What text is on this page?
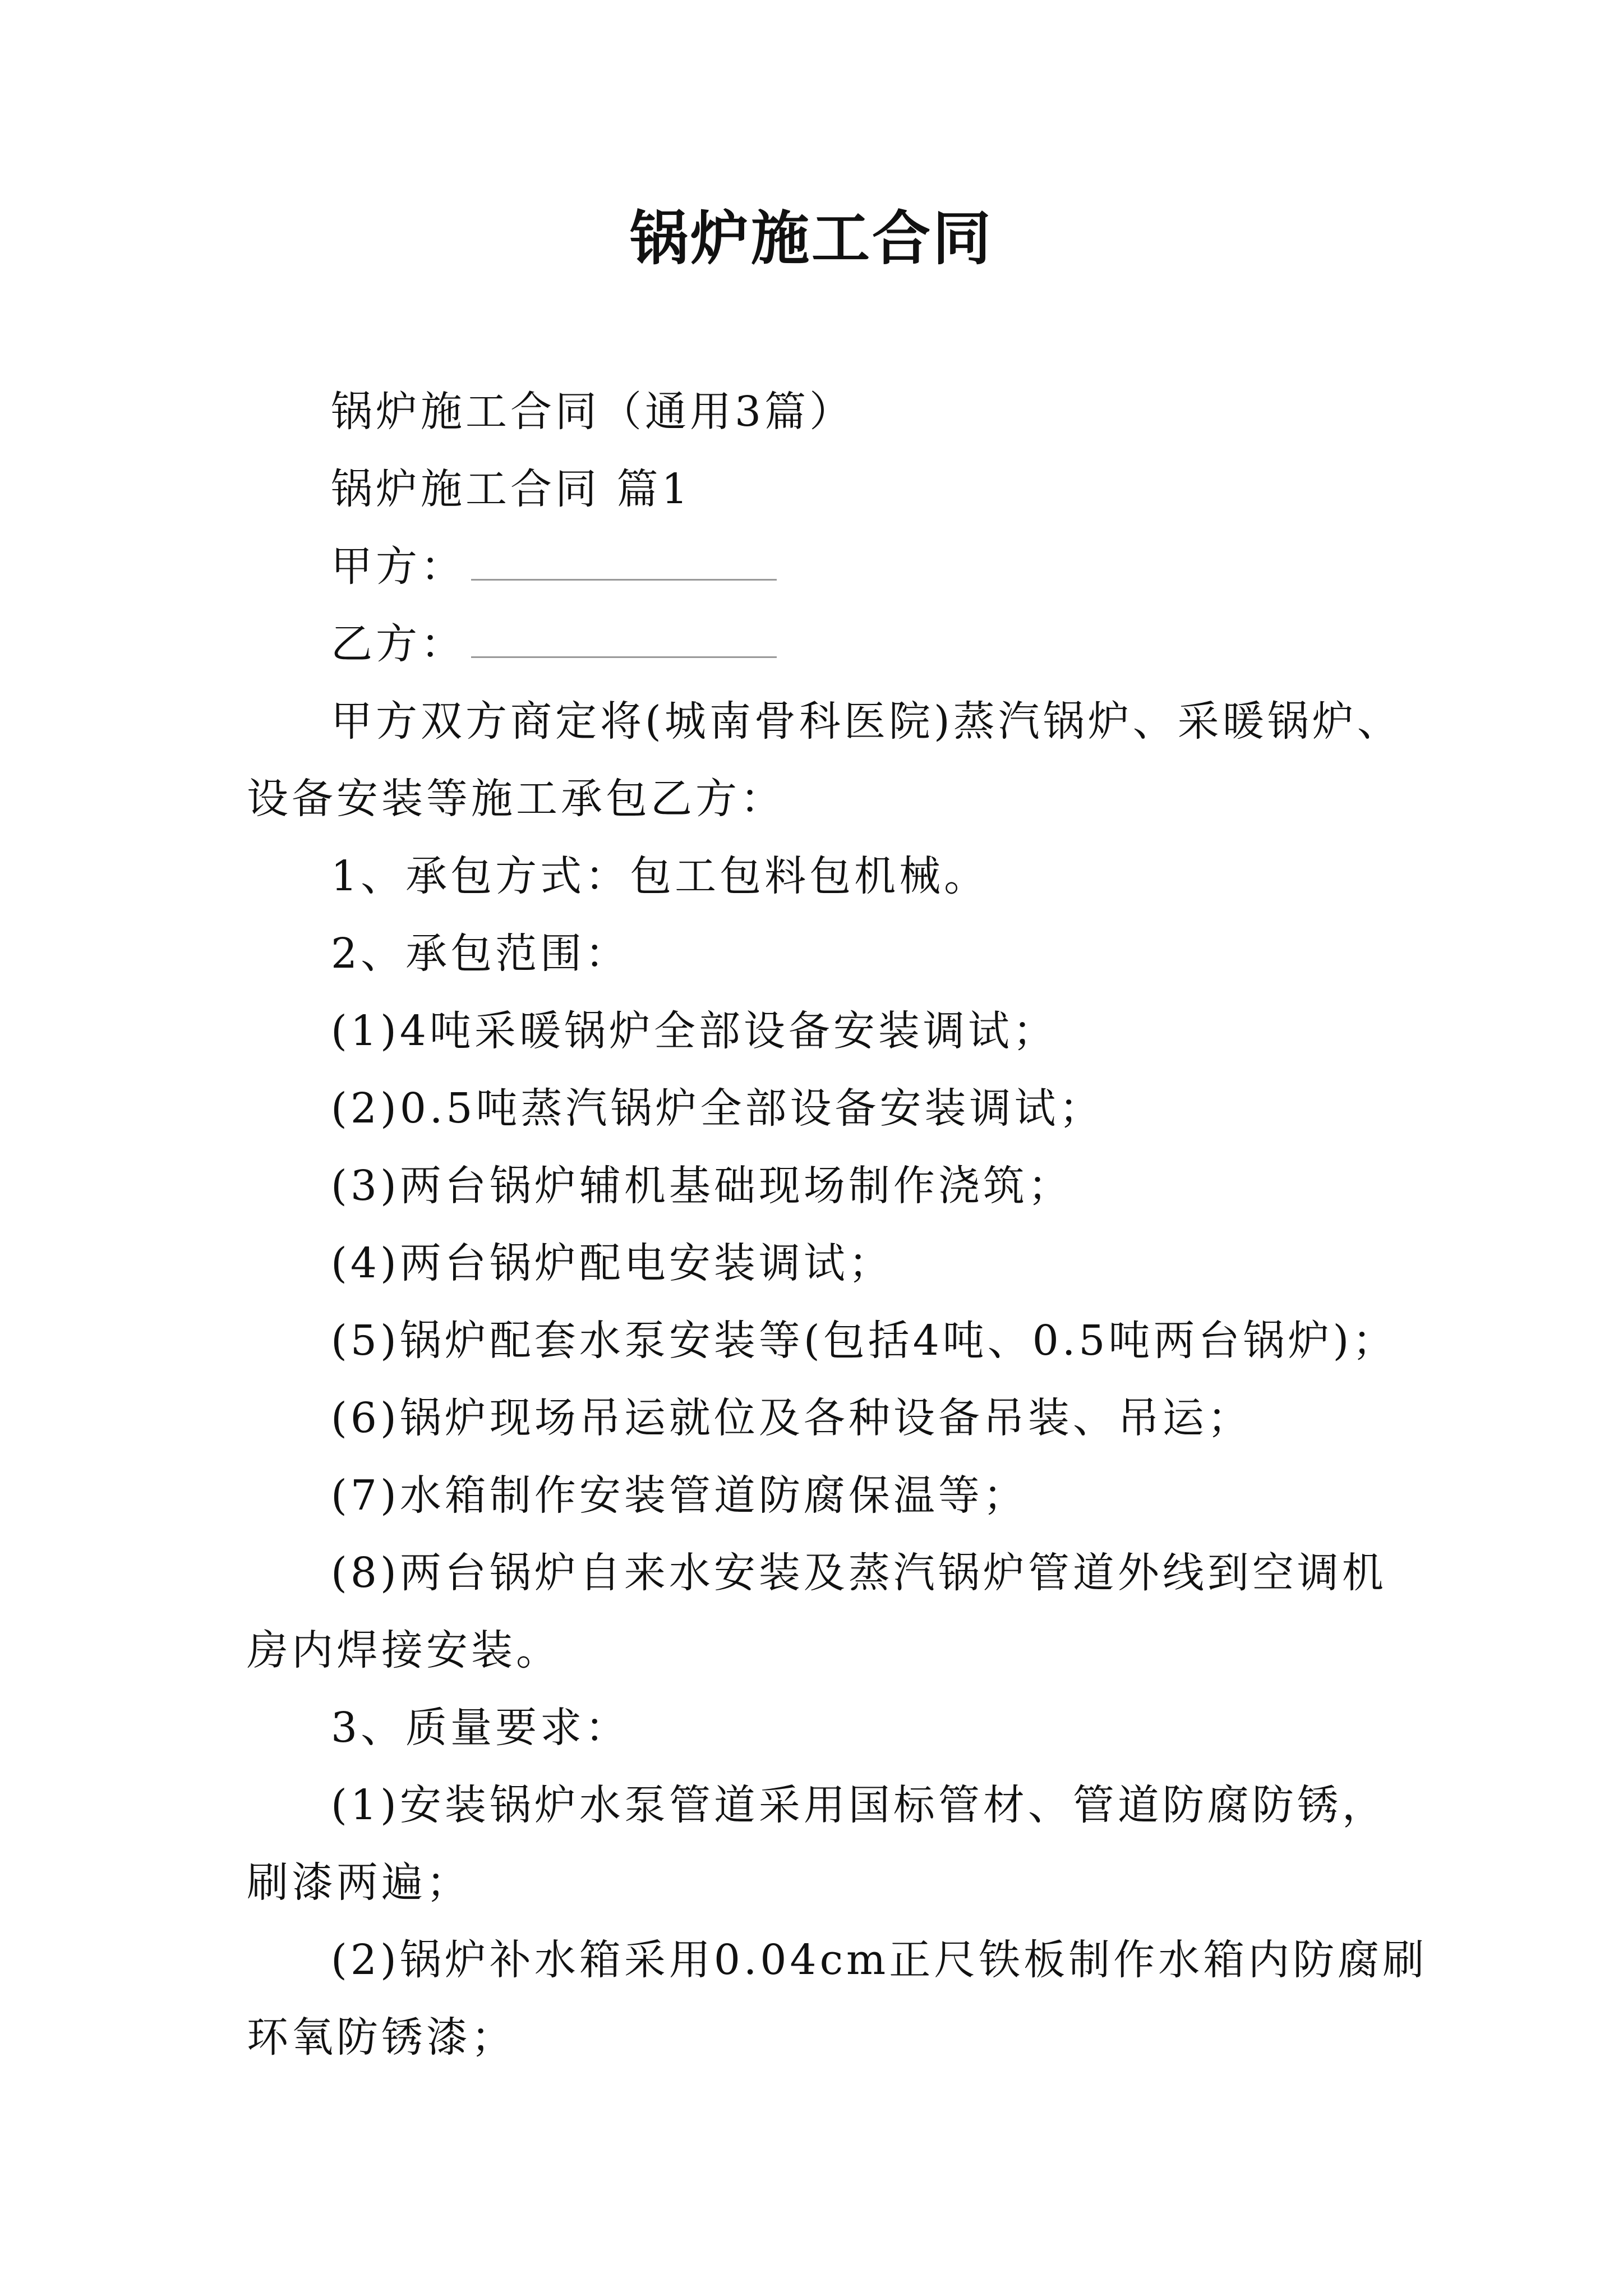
锅炉施工合同

锅炉施工合同（通用3篇）

锅炉施工合同 篇1

甲方：

乙方：

甲方双方商定将(城南骨科医院)蒸汽锅炉、采暖锅炉、

设备安装等施工承包乙方：

1、承包方式：包工包料包机械。

2、承包范围：

(1)4吨采暖锅炉全部设备安装调试；

(2)0.5吨蒸汽锅炉全部设备安装调试；

(3)两台锅炉辅机基础现场制作浇筑；

(4)两台锅炉配电安装调试；

(5)锅炉配套水泵安装等(包括4吨、0.5吨两台锅炉)；

(6)锅炉现场吊运就位及各种设备吊装、吊运；

(7)水箱制作安装管道防腐保温等；

(8)两台锅炉自来水安装及蒸汽锅炉管道外线到空调机

房内焊接安装。

3、质量要求：

(1)安装锅炉水泵管道采用国标管材、管道防腐防锈，

刷漆两遍；

(2)锅炉补水箱采用0.04cm正尺铁板制作水箱内防腐刷

环氧防锈漆；
